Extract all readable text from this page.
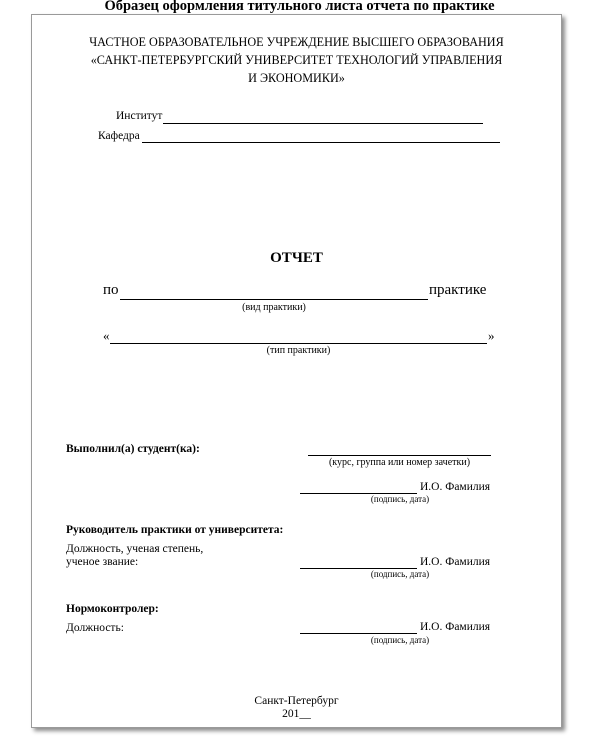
Образец оформления титульного листа отчета по практике
ЧАСТНОЕ ОБРАЗОВАТЕЛЬНОЕ УЧРЕЖДЕНИЕ ВЫСШЕГО ОБРАЗОВАНИЯ
«САНКТ-ПЕТЕРБУРГСКИЙ УНИВЕРСИТЕТ ТЕХНОЛОГИЙ УПРАВЛЕНИЯ
И ЭКОНОМИКИ»
Институт
Кафедра
ОТЧЕТ
по	практике
(вид практики)
«	»
(тип практики)
Выполнил(а) студент(ка):
(курс, группа или номер зачетки)
И.О. Фамилия
(подпись, дата)
Руководитель практики от университета:
Должность, ученая степень,
ученое звание:	И.О. Фамилия
(подпись, дата)
Нормоконтролер:
Должность:	И.О. Фамилия
(подпись, дата)
Санкт-Петербург
201__
